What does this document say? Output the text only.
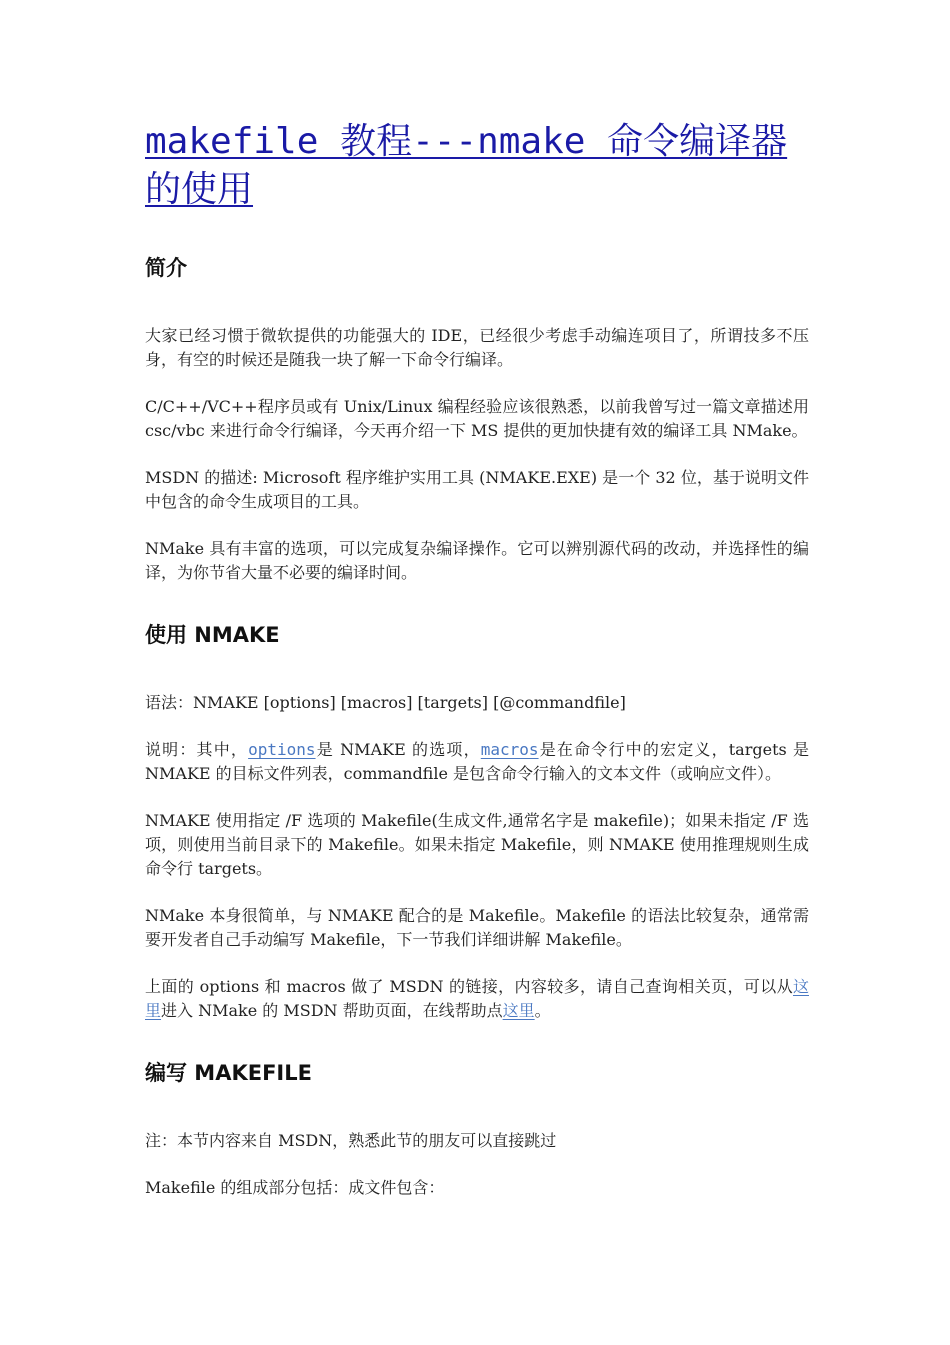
makefile 教程---nmake 命令编译器的使用
简介

大家已经习惯于微软提供的功能强大的 IDE，已经很少考虑手动编连项目了，所谓技多不压身，有空的时候还是随我一块了解一下命令行编译。

C/C++/VC++程序员或有 Unix/Linux 编程经验应该很熟悉，以前我曾写过一篇文章描述用 csc/vbc 来进行命令行编译，今天再介绍一下 MS 提供的更加快捷有效的编译工具 NMake。

MSDN 的描述: Microsoft 程序维护实用工具 (NMAKE.EXE) 是一个 32 位，基于说明文件中包含的命令生成项目的工具。

NMake 具有丰富的选项，可以完成复杂编译操作。它可以辨别源代码的改动，并选择性的编译，为你节省大量不必要的编译时间。

使用 NMAKE

语法：NMAKE [options] [macros] [targets] [@commandfile]

说明：其中，options是 NMAKE 的选项，macros是在命令行中的宏定义，targets 是 NMAKE 的目标文件列表，commandfile 是包含命令行输入的文本文件（或响应文件）。

NMAKE 使用指定 /F 选项的 Makefile(生成文件,通常名字是 makefile)；如果未指定 /F 选项，则使用当前目录下的 Makefile。如果未指定 Makefile，则 NMAKE 使用推理规则生成命令行 targets。

NMake 本身很简单，与 NMAKE 配合的是 Makefile。Makefile 的语法比较复杂，通常需要开发者自己手动编写 Makefile，下一节我们详细讲解 Makefile。

上面的 options 和 macros 做了 MSDN 的链接，内容较多，请自己查询相关页，可以从这里进入 NMake 的 MSDN 帮助页面，在线帮助点这里。

编写 MAKEFILE

注：本节内容来自 MSDN，熟悉此节的朋友可以直接跳过

Makefile 的组成部分包括：成文件包含：
